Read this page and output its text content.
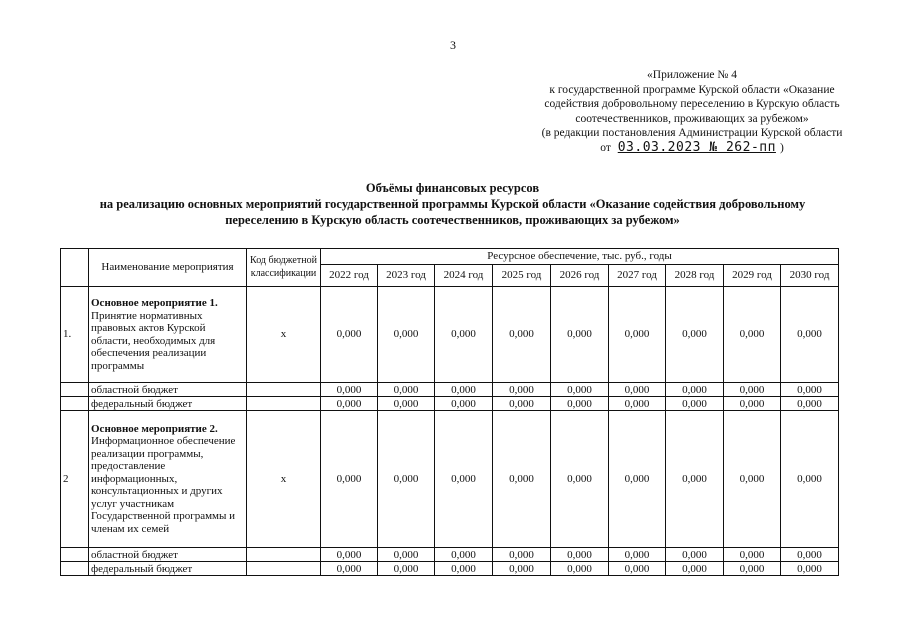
3
«Приложение № 4
к государственной программе Курской области «Оказание
содействия добровольному переселению в Курскую область
соотечественников, проживающих за рубежом»
(в редакции постановления Администрации Курской области
от 03.03.2023 № 262-пп )
Объёмы финансовых ресурсов
на реализацию основных мероприятий государственной программы Курской области «Оказание содействия добровольному
переселению в Курскую область соотечественников, проживающих за рубежом»
	Наименование мероприятия	Код бюджетной классификации	Ресурсное обеспечение, тыс. руб., годы								
			2022 год	2023 год	2024 год	2025 год	2026 год	2027 год	2028 год	2029 год	2030 год
1.	Основное мероприятие 1.
Принятие нормативных правовых актов Курской области, необходимых для обеспечения реализации программы	х	0,000	0,000	0,000	0,000	0,000	0,000	0,000	0,000	0,000
	областной бюджет		0,000	0,000	0,000	0,000	0,000	0,000	0,000	0,000	0,000
	федеральный бюджет		0,000	0,000	0,000	0,000	0,000	0,000	0,000	0,000	0,000
2	Основное мероприятие 2.
Информационное обеспечение реализации программы, предоставление информационных, консультационных и других услуг участникам Государственной программы и членам их семей	х	0,000	0,000	0,000	0,000	0,000	0,000	0,000	0,000	0,000
	областной бюджет		0,000	0,000	0,000	0,000	0,000	0,000	0,000	0,000	0,000
	федеральный бюджет		0,000	0,000	0,000	0,000	0,000	0,000	0,000	0,000	0,000
